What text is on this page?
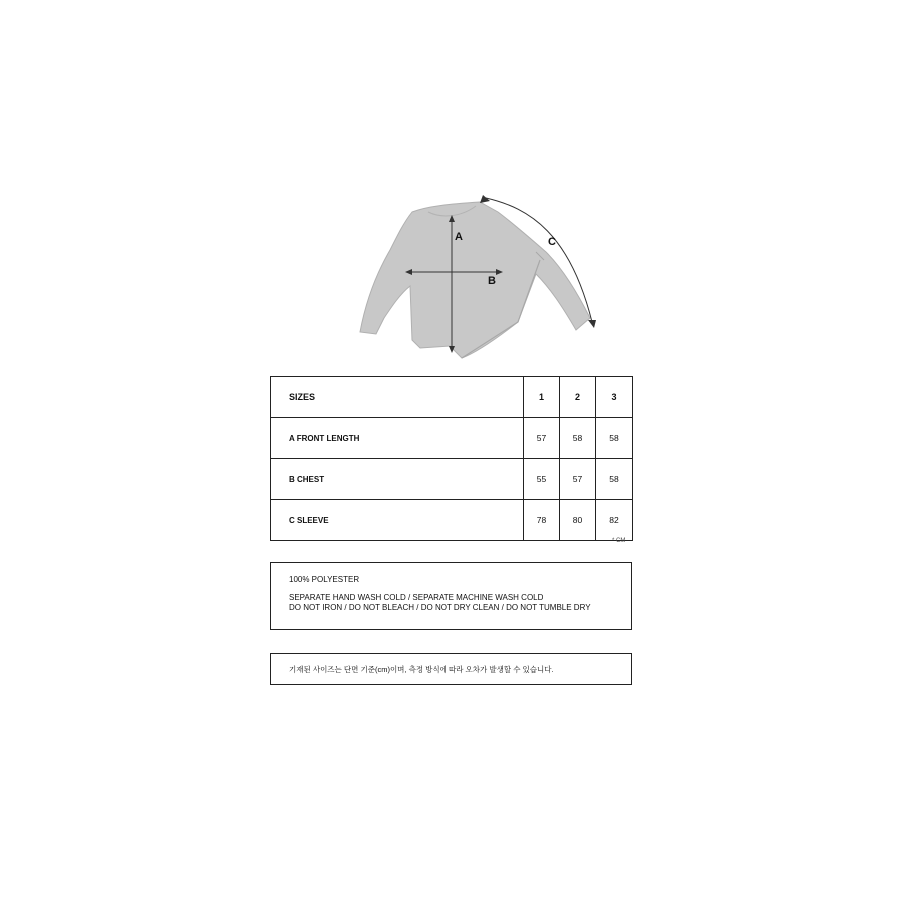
A
B
C
SIZES	1	2	3
A FRONT LENGTH	57	58	58
B CHEST	55	57	58
C SLEEVE	78	80	82
* CM
100% POLYESTER
SEPARATE HAND WASH COLD / SEPARATE MACHINE WASH COLD
DO NOT IRON / DO NOT BLEACH / DO NOT DRY CLEAN / DO NOT TUMBLE DRY
기재된 사이즈는 단면 기준(cm)이며, 측정 방식에 따라 오차가 발생할 수 있습니다.
